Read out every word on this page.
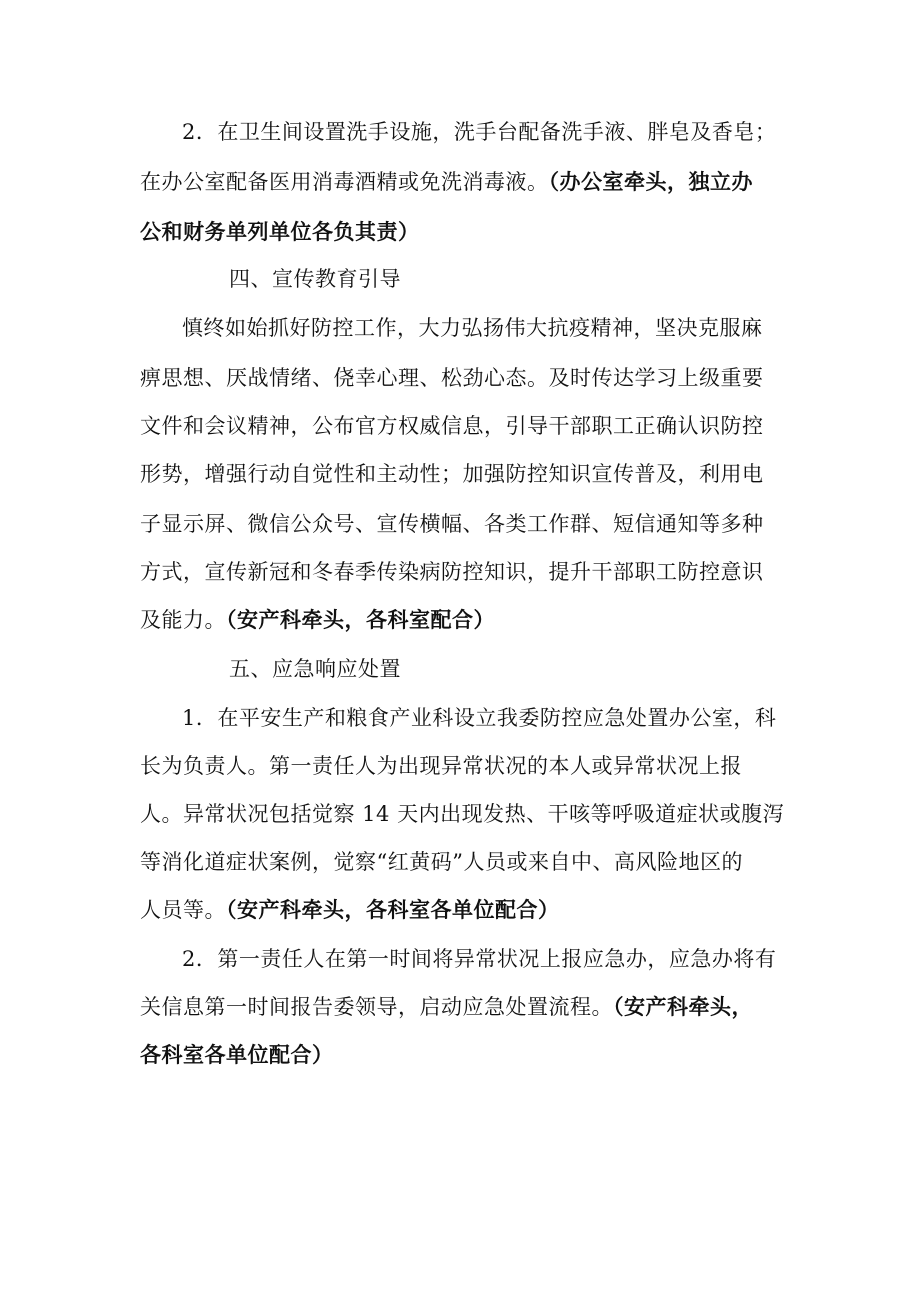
2．在卫生间设置洗手设施，洗手台配备洗手液、胖皂及香皂；
在办公室配备医用消毒酒精或免洗消毒液。（办公室牵头，独立办
公和财务单列单位各负其责）
四、宣传教育引导
慎终如始抓好防控工作，大力弘扬伟大抗疫精神，坚决克服麻
痹思想、厌战情绪、侥幸心理、松劲心态。及时传达学习上级重要
文件和会议精神，公布官方权威信息，引导干部职工正确认识防控
形势，增强行动自觉性和主动性；加强防控知识宣传普及，利用电
子显示屏、微信公众号、宣传横幅、各类工作群、短信通知等多种
方式，宣传新冠和冬春季传染病防控知识，提升干部职工防控意识
及能力。（安产科牵头，各科室配合）
五、应急响应处置
1．在平安生产和粮食产业科设立我委防控应急处置办公室，科
长为负责人。第一责任人为出现异常状况的本人或异常状况上报
人。异常状况包括觉察 14 天内出现发热、干咳等呼吸道症状或腹泻
等消化道症状案例，觉察“红黄码”人员或来自中、高风险地区的
人员等。（安产科牵头，各科室各单位配合）
2．第一责任人在第一时间将异常状况上报应急办，应急办将有
关信息第一时间报告委领导，启动应急处置流程。（安产科牵头，
各科室各单位配合）
